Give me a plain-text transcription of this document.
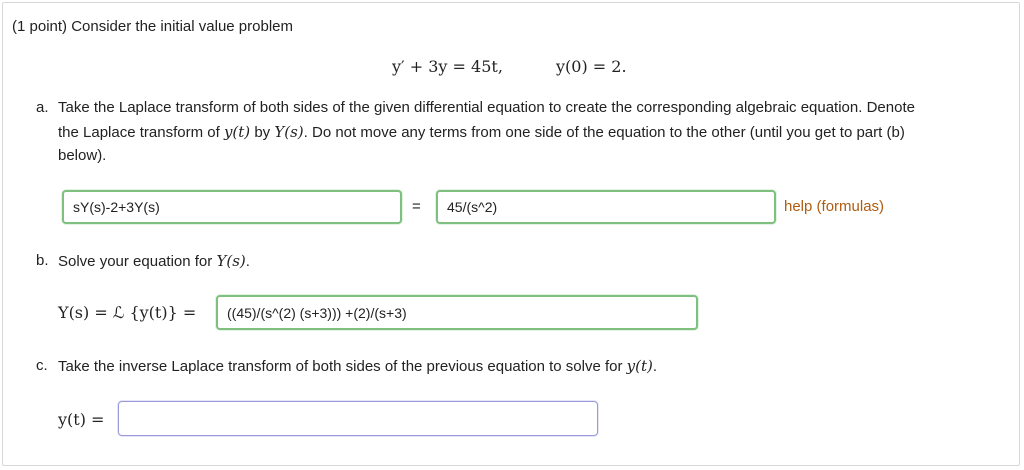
(1 point) Consider the initial value problem
y′ + 3y = 45t,	y(0) = 2.
a. Take the Laplace transform of both sides of the given differential equation to create the corresponding algebraic equation. Denote
the Laplace transform of y(t) by Y(s). Do not move any terms from one side of the equation to the other (until you get to part (b)
below).
sY(s)-2+3Y(s)	=	45/(s^2)	help (formulas)
b. Solve your equation for Y(s).
Y(s) = ℒ {y(t)} =	((45)/(s^(2) (s+3))) +(2)/(s+3)
c. Take the inverse Laplace transform of both sides of the previous equation to solve for y(t).
y(t) =
